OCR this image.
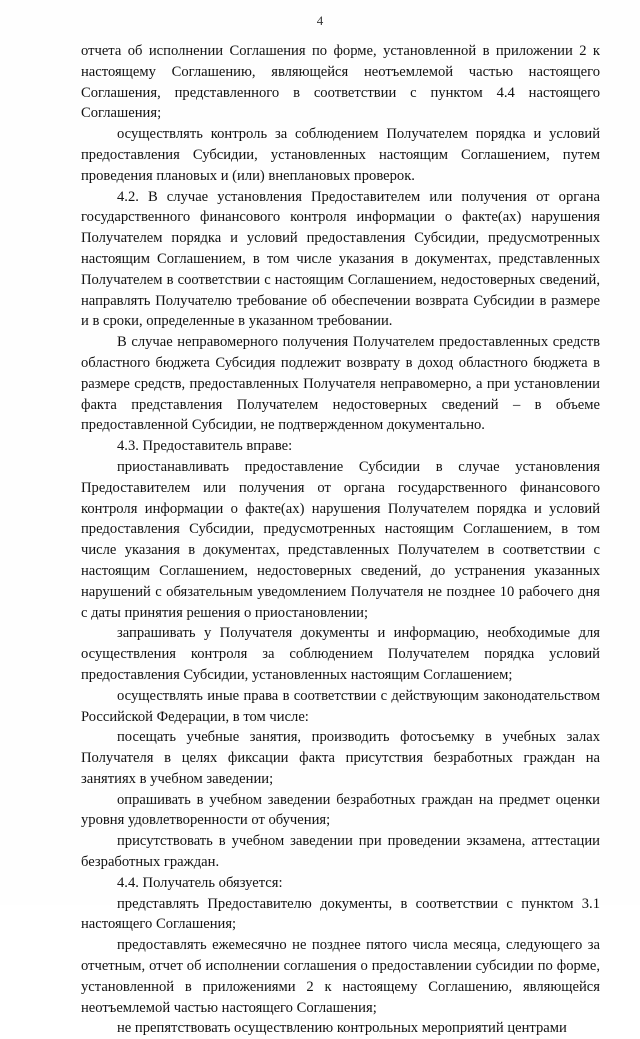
4

отчета об исполнении Соглашения по форме, установленной в приложении 2 к настоящему Соглашению, являющейся неотъемлемой частью настоящего Соглашения, представленного в соответствии с пунктом 4.4 настоящего Соглашения;

осуществлять контроль за соблюдением Получателем порядка и условий предоставления Субсидии, установленных настоящим Соглашением, путем проведения плановых и (или) внеплановых проверок.

4.2. В случае установления Предоставителем или получения от органа государственного финансового контроля информации о факте(ах) нарушения Получателем порядка и условий предоставления Субсидии, предусмотренных настоящим Соглашением, в том числе указания в документах, представленных Получателем в соответствии с настоящим Соглашением, недостоверных сведений, направлять Получателю требование об обеспечении возврата Субсидии в размере и в сроки, определенные в указанном требовании.

В случае неправомерного получения Получателем предоставленных средств областного бюджета Субсидия подлежит возврату в доход областного бюджета в размере средств, предоставленных Получателя неправомерно, а при установлении факта представления Получателем недостоверных сведений – в объеме предоставленной Субсидии, не подтвержденном документально.

4.3. Предоставитель вправе:

приостанавливать предоставление Субсидии в случае установления Предоставителем или получения от органа государственного финансового контроля информации о факте(ах) нарушения Получателем порядка и условий предоставления Субсидии, предусмотренных настоящим Соглашением, в том числе указания в документах, представленных Получателем в соответствии с настоящим Соглашением, недостоверных сведений, до устранения указанных нарушений с обязательным уведомлением Получателя не позднее 10 рабочего дня с даты принятия решения о приостановлении;

запрашивать у Получателя документы и информацию, необходимые для осуществления контроля за соблюдением Получателем порядка условий предоставления Субсидии, установленных настоящим Соглашением;

осуществлять иные права в соответствии с действующим законодательством Российской Федерации, в том числе:

посещать учебные занятия, производить фотосъемку в учебных залах Получателя в целях фиксации факта присутствия безработных граждан на занятиях в учебном заведении;

опрашивать в учебном заведении безработных граждан на предмет оценки уровня удовлетворенности от обучения;

присутствовать в учебном заведении при проведении экзамена, аттестации безработных граждан.

4.4. Получатель обязуется:

представлять Предоставителю документы, в соответствии с пунктом 3.1 настоящего Соглашения;

предоставлять ежемесячно не позднее пятого числа месяца, следующего за отчетным, отчет об исполнении соглашения о предоставлении субсидии по форме, установленной в приложениями 2 к настоящему Соглашению, являющейся неотъемлемой частью настоящего Соглашения;

не препятствовать осуществлению контрольных мероприятий центрами
